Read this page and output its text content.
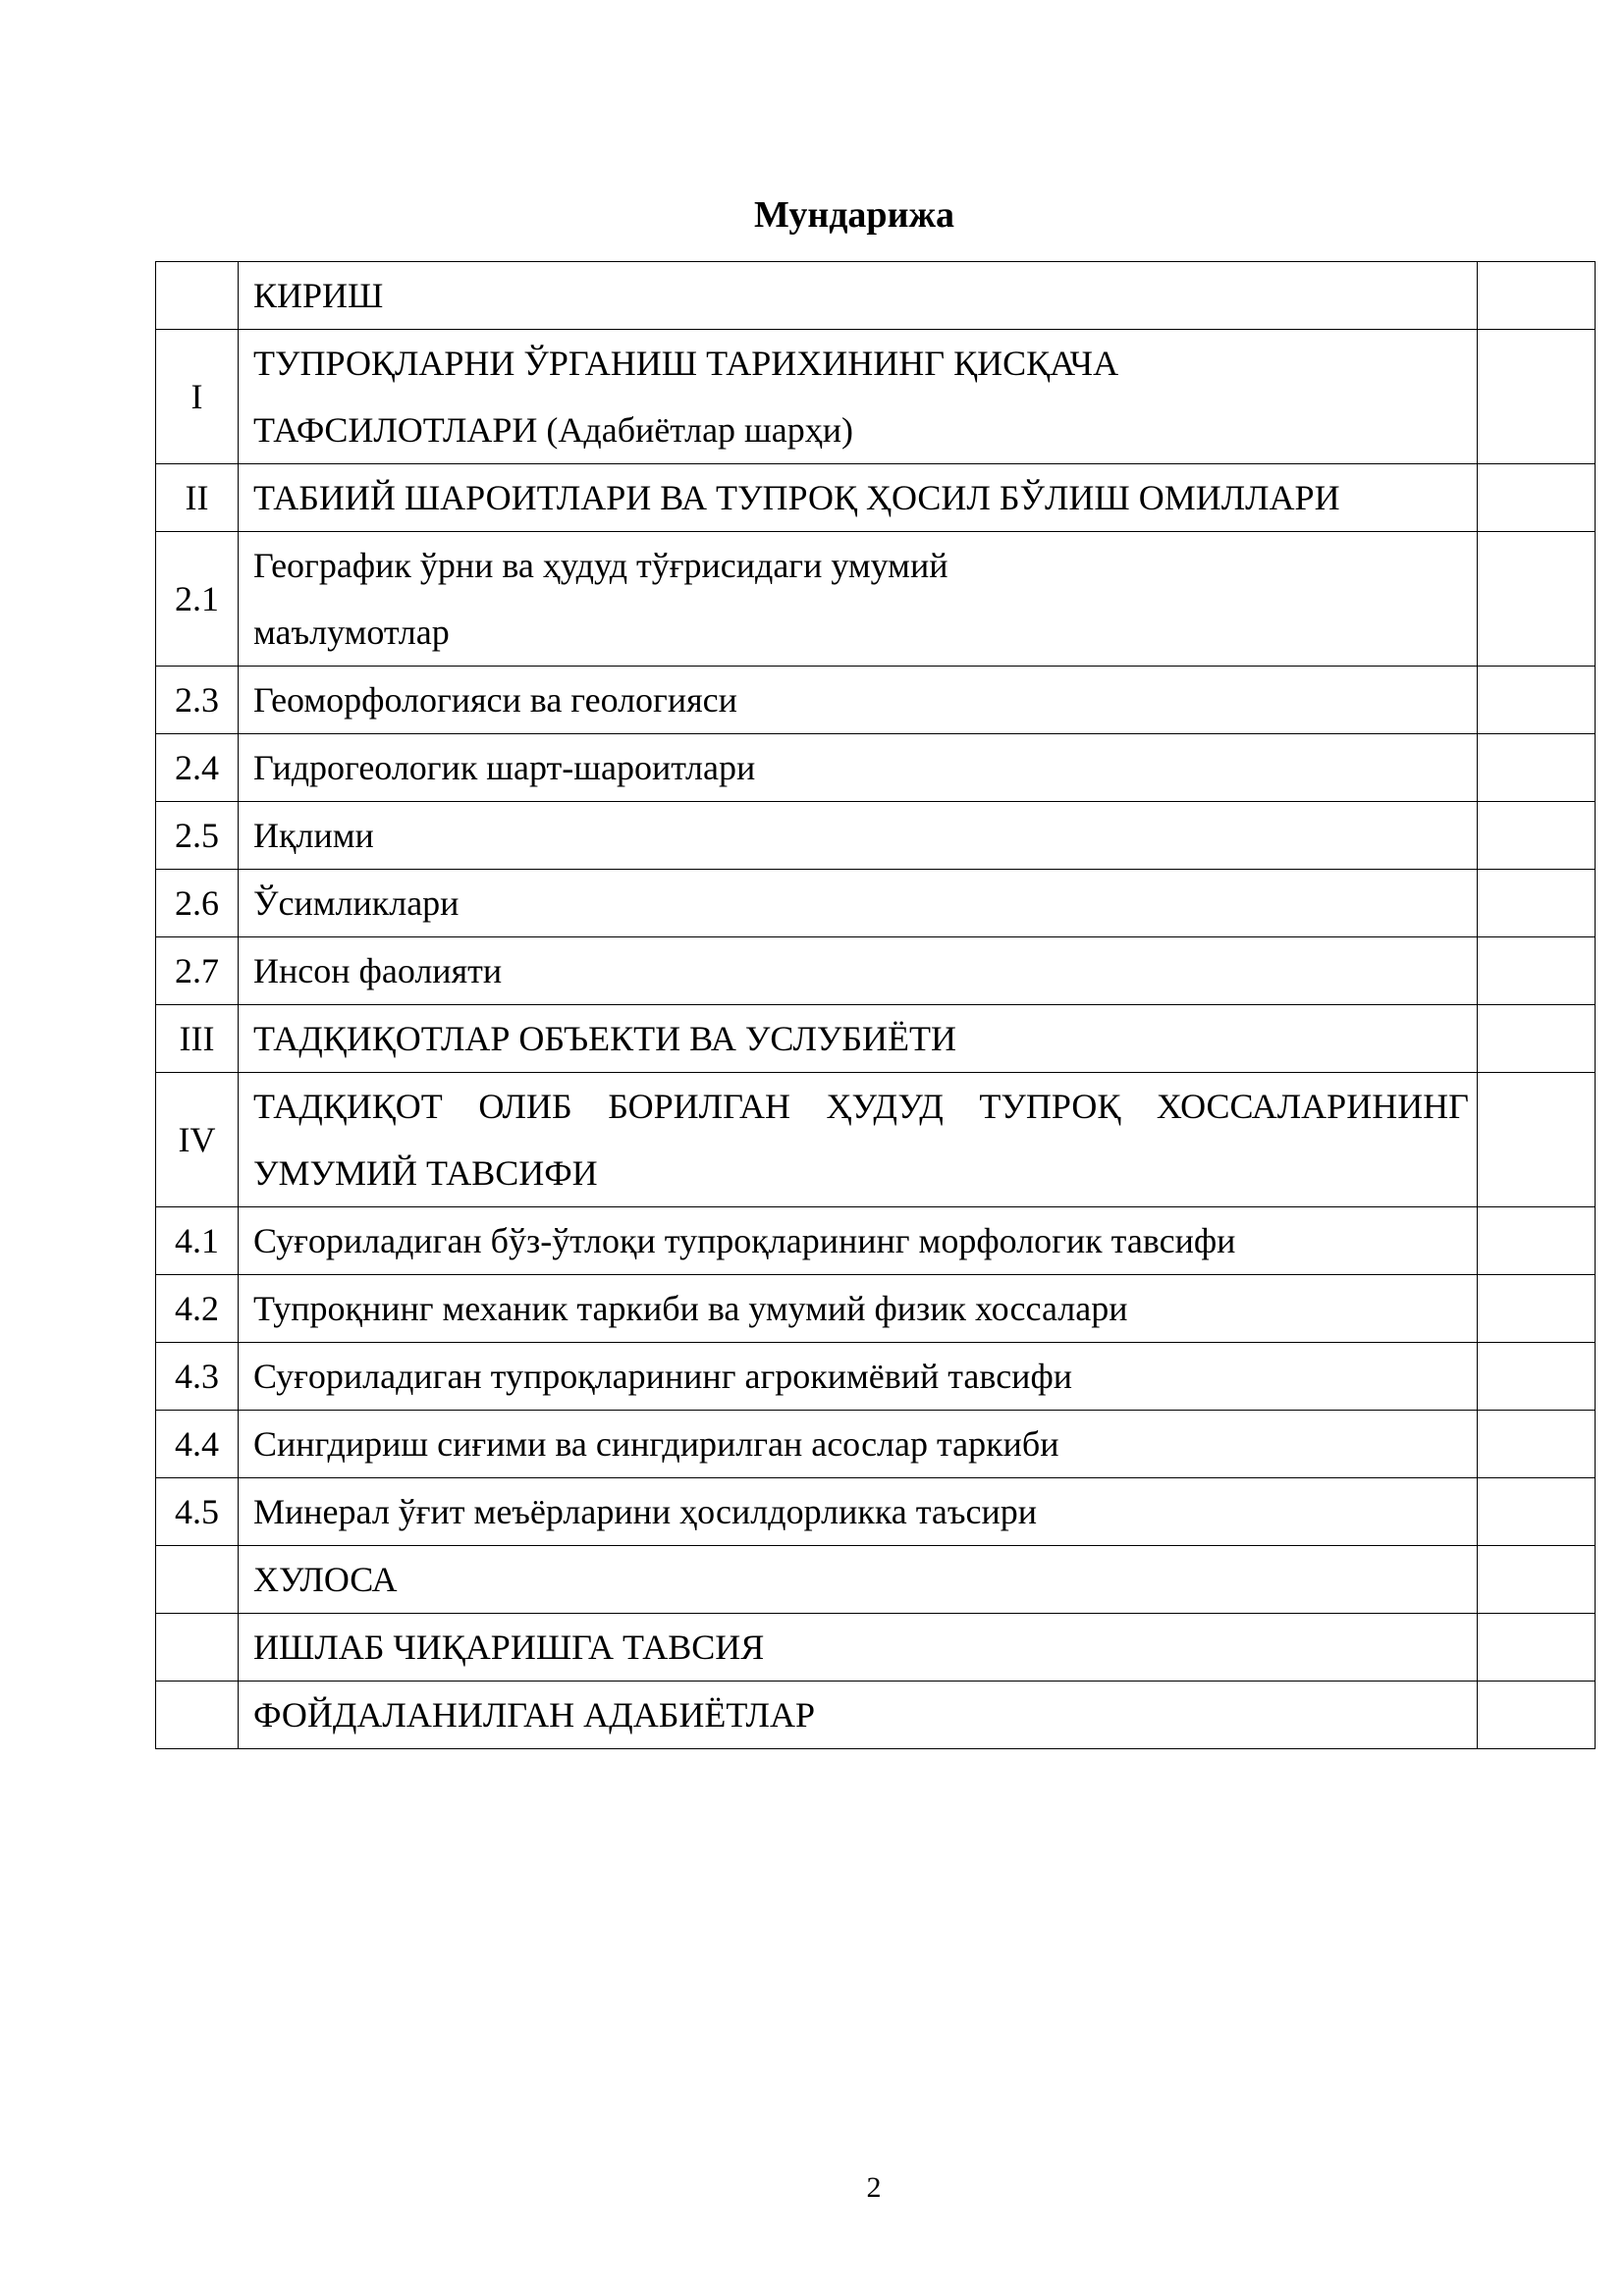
Мундарижа

	КИРИШ	

I	ТУПРОҚЛАРНИ ЎРГАНИШ ТАРИХИНИНГ ҚИСҚАЧА
ТАФСИЛОТЛАРИ (Адабиётлар шарҳи)	

II	ТАБИИЙ ШАРОИТЛАРИ ВА ТУПРОҚ ҲОСИЛ БЎЛИШ ОМИЛЛАРИ	

2.1	Географик ўрни ва ҳудуд тўғрисидаги умумий
маълумотлар	

2.3	Геоморфологияси ва геологияси	

2.4	Гидрогеологик шарт-шароитлари	

2.5	Иқлими	

2.6	Ўсимликлари	

2.7	Инсон фаолияти	

III	ТАДҚИҚОТЛАР ОБЪЕКТИ ВА УСЛУБИЁТИ	

IV	ТАДҚИҚОТ ОЛИБ БОРИЛГАН ҲУДУД ТУПРОҚ ХОССАЛАРИНИНГ
УМУМИЙ ТАВСИФИ	

4.1	Суғориладиган бўз-ўтлоқи тупроқларининг морфологик тавсифи	

4.2	Тупроқнинг механик таркиби ва умумий физик хоссалари	

4.3	Суғориладиган тупроқларининг агрокимёвий тавсифи	

4.4	Сингдириш сиғими ва сингдирилган асослар таркиби	

4.5	Минерал ўғит меъёрларини ҳосилдорликка таъсири	

	ХУЛОСА	

	ИШЛАБ ЧИҚАРИШГА ТАВСИЯ	

	ФОЙДАЛАНИЛГАН АДАБИЁТЛАР	

2
